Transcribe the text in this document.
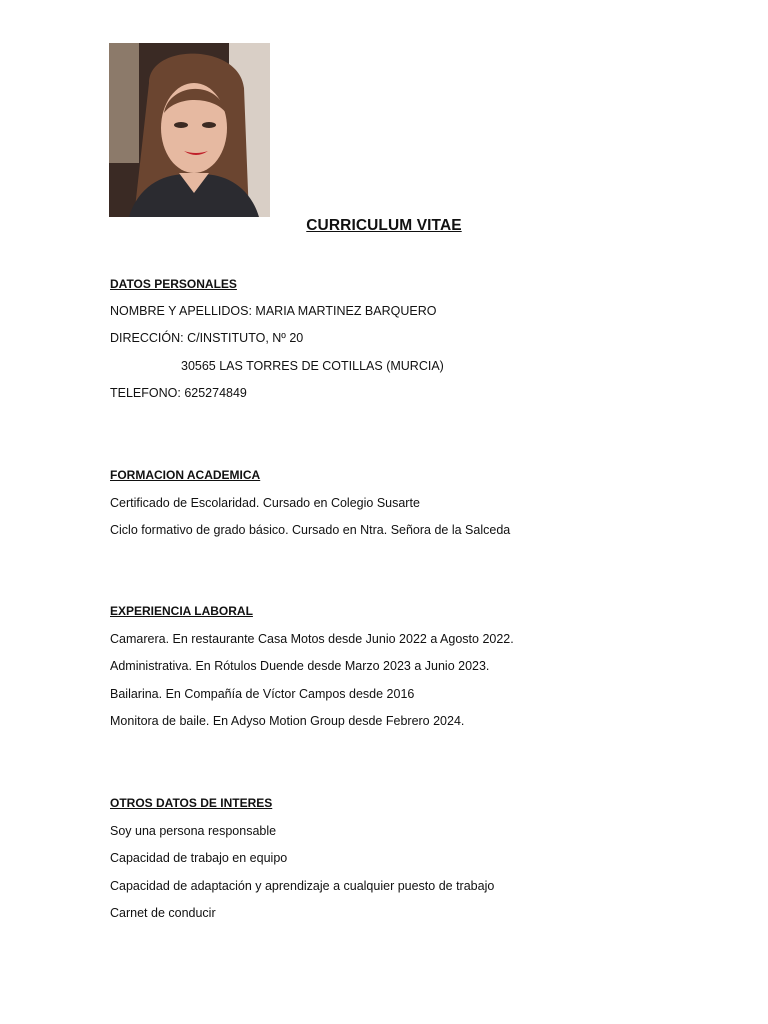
CURRICULUM VITAE
DATOS PERSONALES
NOMBRE Y APELLIDOS: MARIA MARTINEZ BARQUERO
DIRECCIÓN: C/INSTITUTO, Nº 20
30565 LAS TORRES DE COTILLAS (MURCIA)
TELEFONO: 625274849
FORMACION ACADEMICA
Certificado de Escolaridad. Cursado en Colegio Susarte
Ciclo formativo de grado básico. Cursado en Ntra. Señora de la Salceda
EXPERIENCIA LABORAL
Camarera. En restaurante Casa Motos desde Junio 2022 a Agosto 2022.
Administrativa. En Rótulos Duende desde Marzo 2023 a Junio 2023.
Bailarina. En Compañía de Víctor Campos desde 2016
Monitora de baile. En Adyso Motion Group desde Febrero 2024.
OTROS DATOS DE INTERES
Soy una persona responsable
Capacidad de trabajo en equipo
Capacidad de adaptación y aprendizaje a cualquier puesto de trabajo
Carnet de conducir
